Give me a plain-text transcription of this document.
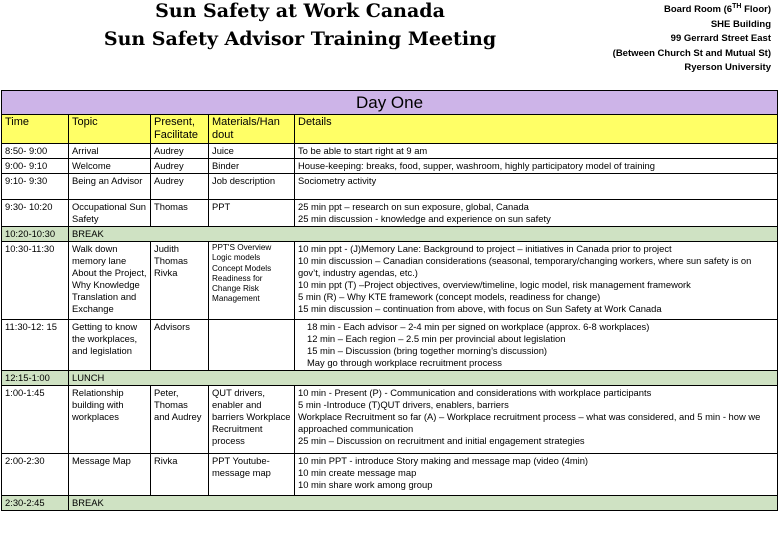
Sun Safety at Work Canada
Sun Safety Advisor Training Meeting
Board Room (6TH Floor)
SHE Building
99 Gerrard Street East
(Between Church St and Mutual St)
Ryerson University
Day One				
Time	Topic	Present, Facilitate	Materials/Han dout	Details
8:50- 9:00	Arrival	Audrey	Juice	To be able to start right at 9 am

9:00- 9:10	Welcome	Audrey	Binder	House-keeping: breaks, food, supper, washroom, highly participatory model of training

9:10- 9:30	Being an Advisor	Audrey	Job description	Sociometry activity

9:30- 10:20	Occupational Sun Safety	Thomas	PPT	25 min ppt – research on sun exposure, global, Canada
25 min discussion - knowledge and experience on sun safety

10:20-10:30	BREAK			
10:30-11:30	Walk down memory lane About the Project, Why Knowledge Translation and Exchange	Judith Thomas Rivka	PPT'S Overview Logic models Concept Models Readiness for Change Risk Management	10 min ppt - (J)Memory Lane: Background to project – initiatives in Canada prior to project
10 min discussion – Canadian considerations (seasonal, temporary/changing workers, where sun safety is on gov’t, industry agendas, etc.)
10 min ppt (T) –Project objectives, overview/timeline, logic model, risk management framework
5 min (R) – Why KTE framework (concept models, readiness for change)
15 min discussion – continuation from above, with focus on Sun Safety at Work Canada

11:30-12: 15	Getting to know the workplaces, and legislation	Advisors		18 min - Each advisor – 2-4 min per signed on workplace (approx. 6-8 workplaces)
12 min – Each region – 2.5 min per provincial about legislation
15 min – Discussion (bring together morning’s discussion)
May go through workplace recruitment process

12:15-1:00	LUNCH			
1:00-1:45	Relationship building with workplaces	Peter, Thomas and Audrey	QUT drivers, enabler and barriers Workplace Recruitment process	10 min - Present (P) - Communication and considerations with workplace participants
5 min -Introduce (T)QUT drivers, enablers, barriers
Workplace Recruitment so far (A) – Workplace recruitment process – what was considered, and 5 min - how we approached communication
25 min – Discussion on recruitment and initial engagement strategies

2:00-2:30	Message Map	Rivka	PPT Youtube- message map	10 min PPT - introduce Story making and message map (video (4min)
10 min create message map
10 min share work among group

2:30-2:45	BREAK			
